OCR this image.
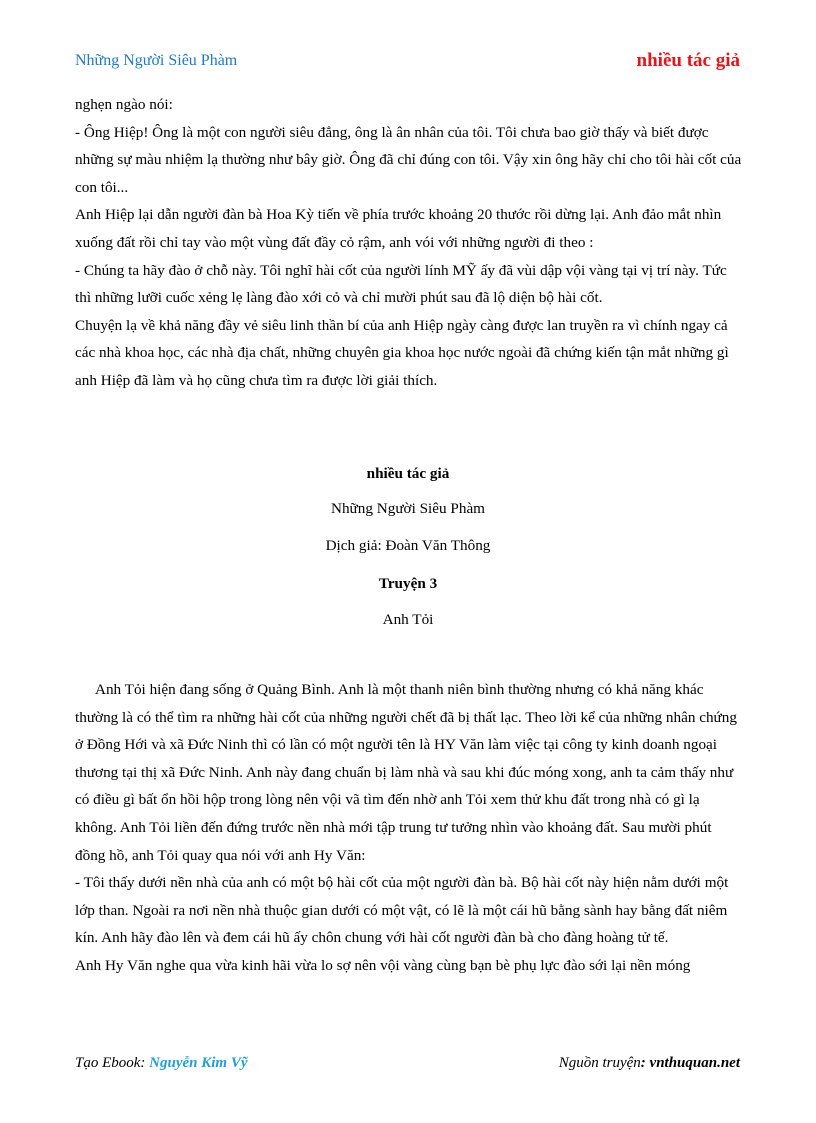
Những Người Siêu Phàm	nhiều tác giả

nghẹn ngào nói:

- Ông Hiệp! Ông là một con người siêu đẳng, ông là ân nhân của tôi. Tôi chưa bao giờ thấy và biết được những sự màu nhiệm lạ thường như bây giờ. Ông đã chỉ đúng con tôi. Vậy xin ông hãy chỉ cho tôi hài cốt của con tôi...

Anh Hiệp lại dẫn người đàn bà Hoa Kỳ tiến về phía trước khoảng 20 thước rồi dừng lại. Anh đảo mắt nhìn xuống đất rồi chỉ tay vào một vùng đất đầy cỏ rậm, anh vói với những người đi theo :

- Chúng ta hãy đào ở chỗ này. Tôi nghĩ hài cốt của người lính MỸ ấy đã vùi dập vội vàng tại vị trí này. Tức thì những lưỡi cuốc xẻng lẹ làng đào xới cỏ và chỉ mười phút sau đã lộ diện bộ hài cốt.

Chuyện lạ về khả năng đầy vẻ siêu linh thần bí của anh Hiệp ngày càng được lan truyền ra vì chính ngay cả các nhà khoa học, các nhà địa chất, những chuyên gia khoa học nước ngoài đã chứng kiến tận mắt những gì anh Hiệp đã làm và họ cũng chưa tìm ra được lời giải thích.

nhiều tác giả
Những Người Siêu Phàm
Dịch giả: Đoàn Văn Thông
Truyện 3
Anh Tỏi

Anh Tỏi hiện đang sống ở Quảng Bình. Anh là một thanh niên bình thường nhưng có khả năng khác thường là có thể tìm ra những hài cốt của những người chết đã bị thất lạc. Theo lời kể của những nhân chứng ở Đồng Hới và xã Đức Ninh thì có lần có một người tên là HY Văn làm việc tại công ty kinh doanh ngoại thương tại thị xã Đức Ninh. Anh này đang chuẩn bị làm nhà và sau khi đúc móng xong, anh ta cảm thấy như có điều gì bất ổn hồi hộp trong lòng nên vội vã tìm đến nhờ anh Tỏi xem thử khu đất trong nhà có gì lạ không. Anh Tỏi liền đến đứng trước nền nhà mới tập trung tư tưởng nhìn vào khoảng đất. Sau mười phút đồng hồ, anh Tỏi quay qua nói với anh Hy Văn:

- Tôi thấy dưới nền nhà của anh có một bộ hài cốt của một người đàn bà. Bộ hài cốt này hiện nằm dưới một lớp than. Ngoài ra nơi nền nhà thuộc gian dưới có một vật, có lẽ là một cái hũ bằng sành hay bằng đất niêm kín. Anh hãy đào lên và đem cái hũ ấy chôn chung với hài cốt người đàn bà cho đàng hoàng tử tế.

Anh Hy Văn nghe qua vừa kinh hãi vừa lo sợ nên vội vàng cùng bạn bè phụ lực đào sới lại nền móng

Tạo Ebook: Nguyễn Kim Vỹ	Nguồn truyện: vnthuquan.net
